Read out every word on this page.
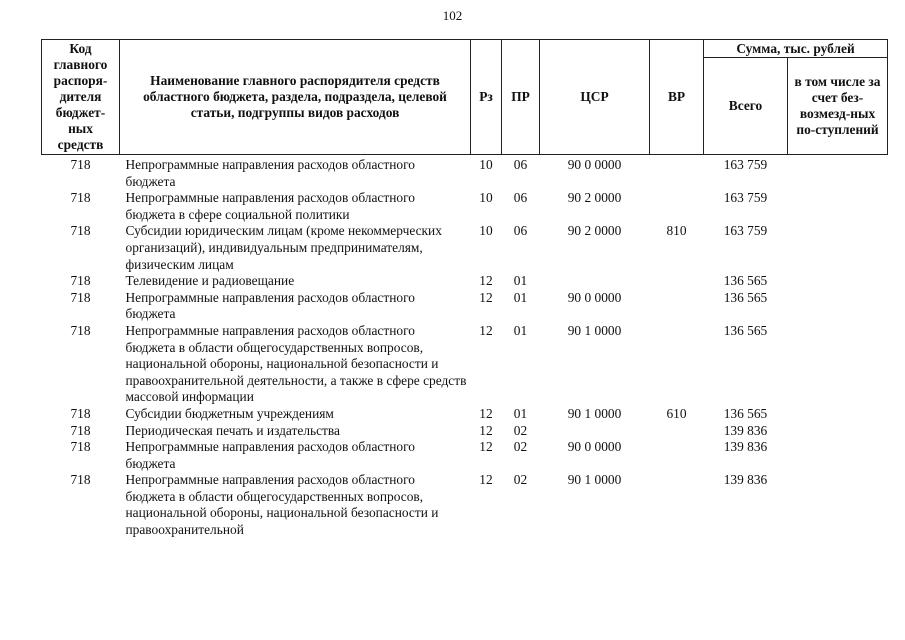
102
Код главного распоря-дителя бюджет-ных средств	Наименование главного распорядителя средств областного бюджета, раздела, подраздела, целевой статьи, подгруппы видов расходов	Рз	ПР	ЦСР	ВР	Сумма, тыс. рублей	
						Всего	в том числе за счет без-возмезд-ных по-ступлений
718	Непрограммные направления расходов областного бюджета	10	06	90 0 0000		163 759	
718	Непрограммные направления расходов областного бюджета в сфере социальной политики	10	06	90 2 0000		163 759	
718	Субсидии юридическим лицам (кроме некоммерческих организаций), индивидуальным предпринимателям, физическим лицам	10	06	90 2 0000	810	163 759	
718	Телевидение и радиовещание	12	01			136 565	
718	Непрограммные направления расходов областного бюджета	12	01	90 0 0000		136 565	
718	Непрограммные направления расходов областного бюджета в области общегосударственных вопросов, национальной обороны, национальной безопасности и правоохранительной деятельности, а также в сфере средств массовой информации	12	01	90 1 0000		136 565	
718	Субсидии бюджетным учреждениям	12	01	90 1 0000	610	136 565	
718	Периодическая печать и издательства	12	02			139 836	
718	Непрограммные направления расходов областного бюджета	12	02	90 0 0000		139 836	
718	Непрограммные направления расходов областного бюджета в области общегосударственных вопросов, национальной обороны, национальной безопасности и правоохранительной	12	02	90 1 0000		139 836	
